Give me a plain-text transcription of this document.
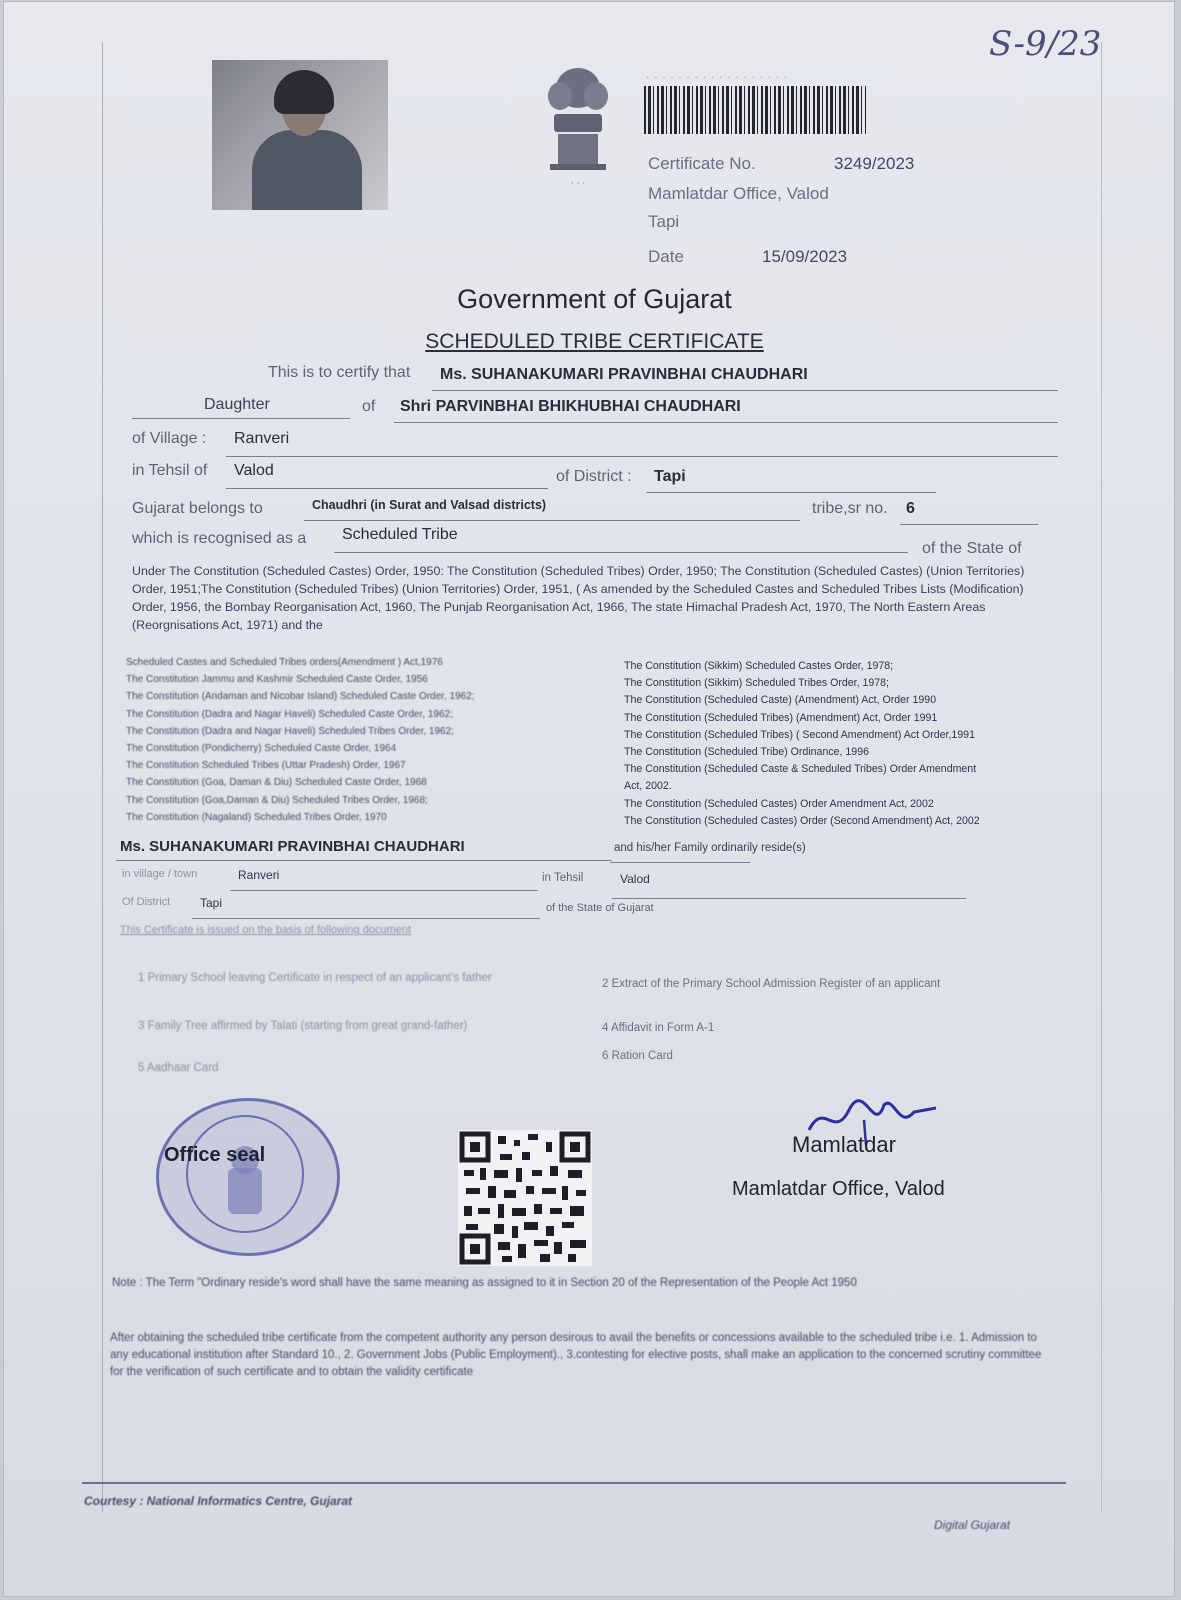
S-9/23
· · ·
· · · · · · · · · · · · · · · · · ·
Certificate No.	3249/2023
Mamlatdar Office, Valod
Tapi
Date	15/09/2023
Government of Gujarat
SCHEDULED TRIBE CERTIFICATE
This is to certify that Ms. SUHANAKUMARI PRAVINBHAI CHAUDHARI
Daughter	of Shri PARVINBHAI BHIKHUBHAI CHAUDHARI
of Village : Ranveri
in Tehsil of Valod	of District : Tapi
Gujarat belongs to	Chaudhri (in Surat and Valsad districts)	tribe,sr no. 6
which is recognised as a Scheduled Tribe
of the State of
Under The Constitution (Scheduled Castes) Order, 1950: The Constitution (Scheduled Tribes) Order, 1950; The Constitution (Scheduled Castes) (Union Territories) Order, 1951;The Constitution (Scheduled Tribes) (Union Territories) Order, 1951, ( As amended by the Scheduled Castes and Scheduled Tribes Lists (Modification) Order, 1956, the Bombay Reorganisation Act, 1960, The Punjab Reorganisation Act, 1966, The state Himachal Pradesh Act, 1970, The North Eastern Areas (Reorgnisations Act, 1971) and the
Scheduled Castes and Scheduled Tribes orders(Amendment ) Act,1976
The Constitution Jammu and Kashmir Scheduled Caste Order, 1956
The Constitution (Andaman and Nicobar Island) Scheduled Caste Order, 1962;
The Constitution (Dadra and Nagar Haveli) Scheduled Caste Order, 1962;
The Constitution (Dadra and Nagar Haveli) Scheduled Tribes Order, 1962;
The Constitution (Pondicherry) Scheduled Caste Order, 1964
The Constitution Scheduled Tribes (Uttar Pradesh) Order, 1967
The Constitution (Goa, Daman & Diu) Scheduled Caste Order, 1968
The Constitution (Goa,Daman & Diu) Scheduled Tribes Order, 1968;
The Constitution (Nagaland) Scheduled Tribes Order, 1970
The Constitution (Sikkim) Scheduled Castes Order, 1978;
The Constitution (Sikkim) Scheduled Tribes Order, 1978;
The Constitution (Scheduled Caste) (Amendment) Act, Order 1990
The Constitution (Scheduled Tribes) (Amendment) Act, Order 1991
The Constitution (Scheduled Tribes) ( Second Amendment) Act Order,1991
The Constitution (Scheduled Tribe) Ordinance, 1996
The Constitution (Scheduled Caste & Scheduled Tribes) Order Amendment
Act, 2002.
The Constitution (Scheduled Castes) Order Amendment Act, 2002
The Constitution (Scheduled Castes) Order (Second Amendment) Act, 2002
Ms. SUHANAKUMARI PRAVINBHAI CHAUDHARI	and his/her Family ordinarily reside(s)
in village / town	Ranveri	in Tehsil	Valod
Of District Tapi	of the State of Gujarat
This Certificate is issued on the basis of following document
1 Primary School leaving Certificate in respect of an applicant's father	2 Extract of the Primary School Admission Register of an applicant
3 Family Tree affirmed by Talati (starting from great grand-father)	4 Affidavit in Form A-1
5 Aadhaar Card
6 Ration Card
Office seal	Mamlatdar
Mamlatdar Office, Valod
Note : The Term "Ordinary reside's word shall have the same meaning as assigned to it in Section 20 of the Representation of the People Act 1950
After obtaining the scheduled tribe certificate from the competent authority any person desirous to avail the benefits or concessions available to the scheduled tribe i.e. 1. Admission to any educational institution after Standard 10., 2. Government Jobs (Public Employment)., 3.contesting for elective posts, shall make an application to the concerned scrutiny committee for the verification of such certificate and to obtain the validity certificate
Courtesy : National Informatics Centre, Gujarat
Digital Gujarat
